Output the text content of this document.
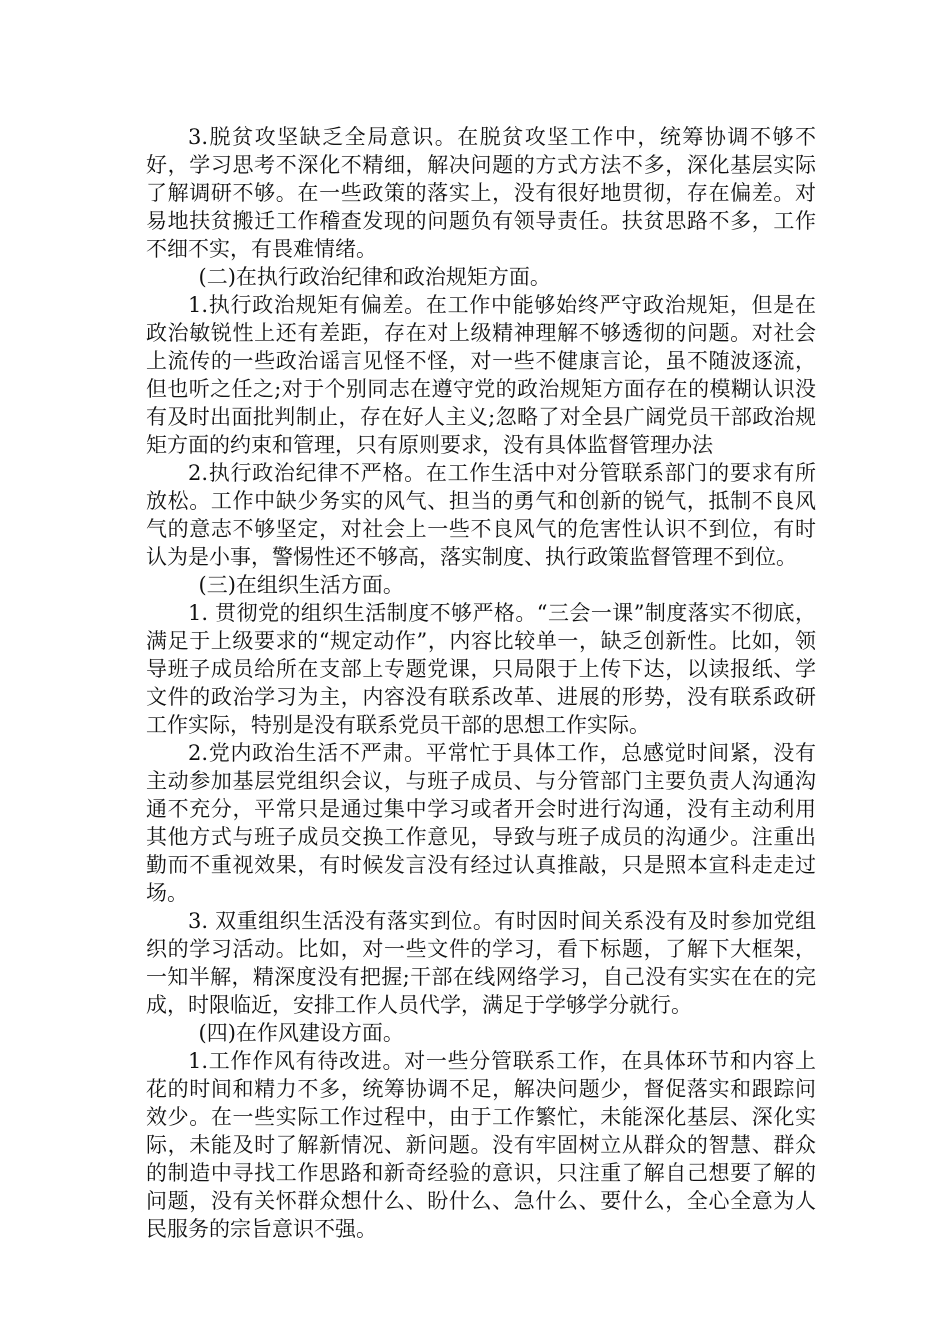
3.脱贫攻坚缺乏全局意识。在脱贫攻坚工作中，统筹协调不够不好，学习思考不深化不精细，解决问题的方式方法不多，深化基层实际了解调研不够。在一些政策的落实上，没有很好地贯彻，存在偏差。对易地扶贫搬迁工作稽查发现的问题负有领导责任。扶贫思路不多，工作不细不实，有畏难情绪。

(二)在执行政治纪律和政治规矩方面。

1.执行政治规矩有偏差。在工作中能够始终严守政治规矩，但是在政治敏锐性上还有差距，存在对上级精神理解不够透彻的问题。对社会上流传的一些政治谣言见怪不怪，对一些不健康言论，虽不随波逐流，但也听之任之;对于个别同志在遵守党的政治规矩方面存在的模糊认识没有及时出面批判制止，存在好人主义;忽略了对全县广阔党员干部政治规矩方面的约束和管理，只有原则要求，没有具体监督管理办法

2.执行政治纪律不严格。在工作生活中对分管联系部门的要求有所放松。工作中缺少务实的风气、担当的勇气和创新的锐气，抵制不良风气的意志不够坚定，对社会上一些不良风气的危害性认识不到位，有时认为是小事，警惕性还不够高，落实制度、执行政策监督管理不到位。

(三)在组织生活方面。

1. 贯彻党的组织生活制度不够严格。“三会一课”制度落实不彻底，满足于上级要求的“规定动作”，内容比较单一，缺乏创新性。比如，领导班子成员给所在支部上专题党课，只局限于上传下达，以读报纸、学文件的政治学习为主，内容没有联系改革、进展的形势，没有联系政研工作实际，特别是没有联系党员干部的思想工作实际。

2.党内政治生活不严肃。平常忙于具体工作，总感觉时间紧，没有主动参加基层党组织会议，与班子成员、与分管部门主要负责人沟通沟通不充分，平常只是通过集中学习或者开会时进行沟通，没有主动利用其他方式与班子成员交换工作意见，导致与班子成员的沟通少。注重出勤而不重视效果，有时候发言没有经过认真推敲，只是照本宣科走走过场。

3. 双重组织生活没有落实到位。有时因时间关系没有及时参加党组织的学习活动。比如，对一些文件的学习，看下标题，了解下大框架，一知半解，精深度没有把握;干部在线网络学习，自己没有实实在在的完成，时限临近，安排工作人员代学，满足于学够学分就行。

(四)在作风建设方面。

1.工作作风有待改进。对一些分管联系工作，在具体环节和内容上花的时间和精力不多，统筹协调不足，解决问题少，督促落实和跟踪问效少。在一些实际工作过程中，由于工作繁忙，未能深化基层、深化实际，未能及时了解新情况、新问题。没有牢固树立从群众的智慧、群众的制造中寻找工作思路和新奇经验的意识，只注重了解自己想要了解的问题，没有关怀群众想什么、盼什么、急什么、要什么，全心全意为人民服务的宗旨意识不强。
